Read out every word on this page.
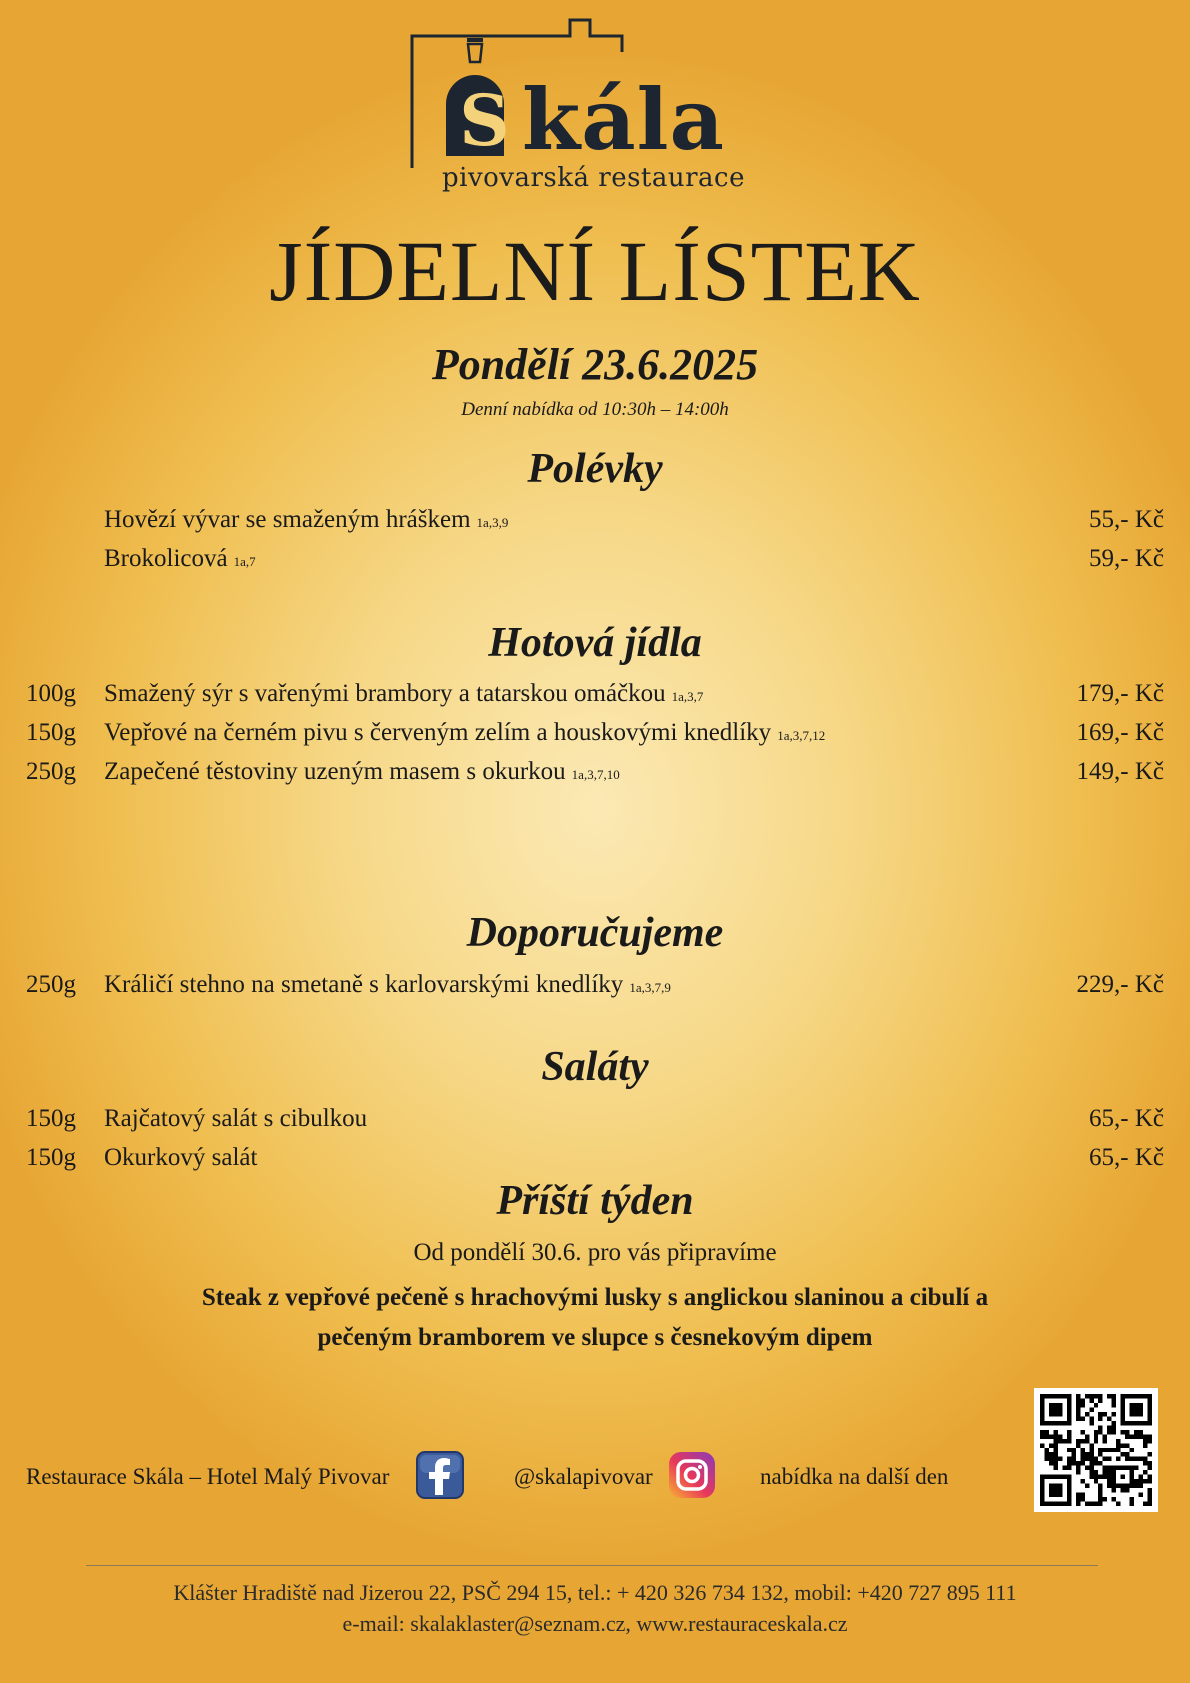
S kála
pivovarská restaurace
JÍDELNÍ LÍSTEK
Pondělí 23.6.2025
Denní nabídka od 10:30h – 14:00h
Polévky
Hovězí vývar se smaženým hráškem 1a,3,9	55,- Kč
Brokolicová 1a,7	59,- Kč
Hotová jídla
100g	Smažený sýr s vařenými brambory a tatarskou omáčkou 1a,3,7	179,- Kč
150g	Vepřové na černém pivu s červeným zelím a houskovými knedlíky 1a,3,7,12	169,- Kč
250g	Zapečené těstoviny uzeným masem s okurkou 1a,3,7,10	149,- Kč
Doporučujeme
250g	Králičí stehno na smetaně s karlovarskými knedlíky 1a,3,7,9	229,- Kč
Saláty
150g	Rajčatový salát s cibulkou	65,- Kč
150g	Okurkový salát	65,- Kč
Příští týden
Od pondělí 30.6. pro vás připravíme
Steak z vepřové pečeně s hrachovými lusky s anglickou slaninou a cibulí a
pečeným bramborem ve slupce s česnekovým dipem
Restaurace Skála – Hotel Malý Pivovar	@skalapivovar	nabídka na další den
Klášter Hradiště nad Jizerou 22, PSČ 294 15, tel.: + 420 326 734 132, mobil: +420 727 895 111
e-mail: skalaklaster@seznam.cz, www.restauraceskala.cz
